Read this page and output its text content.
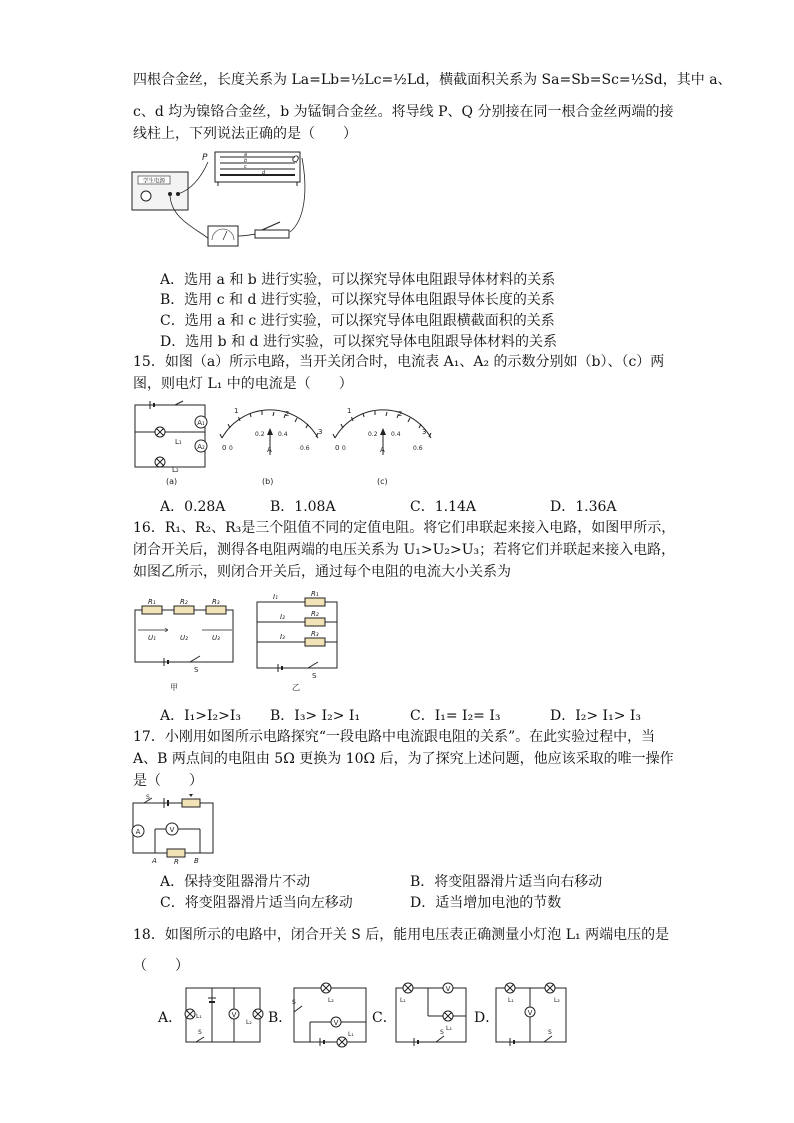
四根合金丝，长度关系为 La=Lb=½Lc=½Ld，横截面积关系为 Sa=Sb=Sc=½Sd，其中 a、
c、d 均为镍铬合金丝，b 为锰铜合金丝。将导线 P、Q 分别接在同一根合金丝两端的接
线柱上，下列说法正确的是（　　）
学生电源
a
b
c
d
P	Q
A．选用 a 和 b 进行实验，可以探究导体电阻跟导体材料的关系
B．选用 c 和 d 进行实验，可以探究导体电阻跟导体长度的关系
C．选用 a 和 c 进行实验，可以探究导体电阻跟横截面积的关系
D．选用 b 和 d 进行实验，可以探究导体电阻跟导体材料的关系
15．如图（a）所示电路，当开关闭合时，电流表 A₁、A₂ 的示数分别如（b）、（c）两
图，则电灯 L₁ 中的电流是（　　）
A₁
A₂
L₁
L₂
(a)
0
1	2
3
0.2 0.4
0	0.6
A
(b)
0
1	2
3
0.2 0.4
0	0.6
A
(c)
A．0.28A	B．1.08A	C．1.14A	D．1.36A
16．R₁、R₂、R₃是三个阻值不同的定值电阻。将它们串联起来接入电路，如图甲所示，
闭合开关后，测得各电阻两端的电压关系为 U₁>U₂>U₃；若将它们并联起来接入电路，
如图乙所示，则闭合开关后，通过每个电阻的电流大小关系为
R₁	R₂	R₃
U₁	U₂	U₃
S
甲
R₁
R₂
R₃
I₁
I₂
I₃
S
乙
A．I₁>I₂>I₃ B．I₃> I₂> I₁	C．I₁= I₂= I₃	D．I₂> I₁> I₃
17．小刚用如图所示电路探究“一段电路中电流跟电阻的关系”。在此实验过程中，当
A、B 两点间的电阻由 5Ω 更换为 10Ω 后，为了探究上述问题，他应该采取的唯一操作
是（　　）
S
A	V
A R B
A．保持变阻器滑片不动	B．将变阻器滑片适当向右移动
C．将变阻器滑片适当向左移动	D．适当增加电池的节数
18．如图所示的电路中，闭合开关 S 后，能用电压表正确测量小灯泡 L₁ 两端电压的是
（　　）
A．	V
L₁
L₂
S
B．
L₂
V
L₁
S
C．
L₁
V
L₂
S
D．
L₁	L₂
V
S
